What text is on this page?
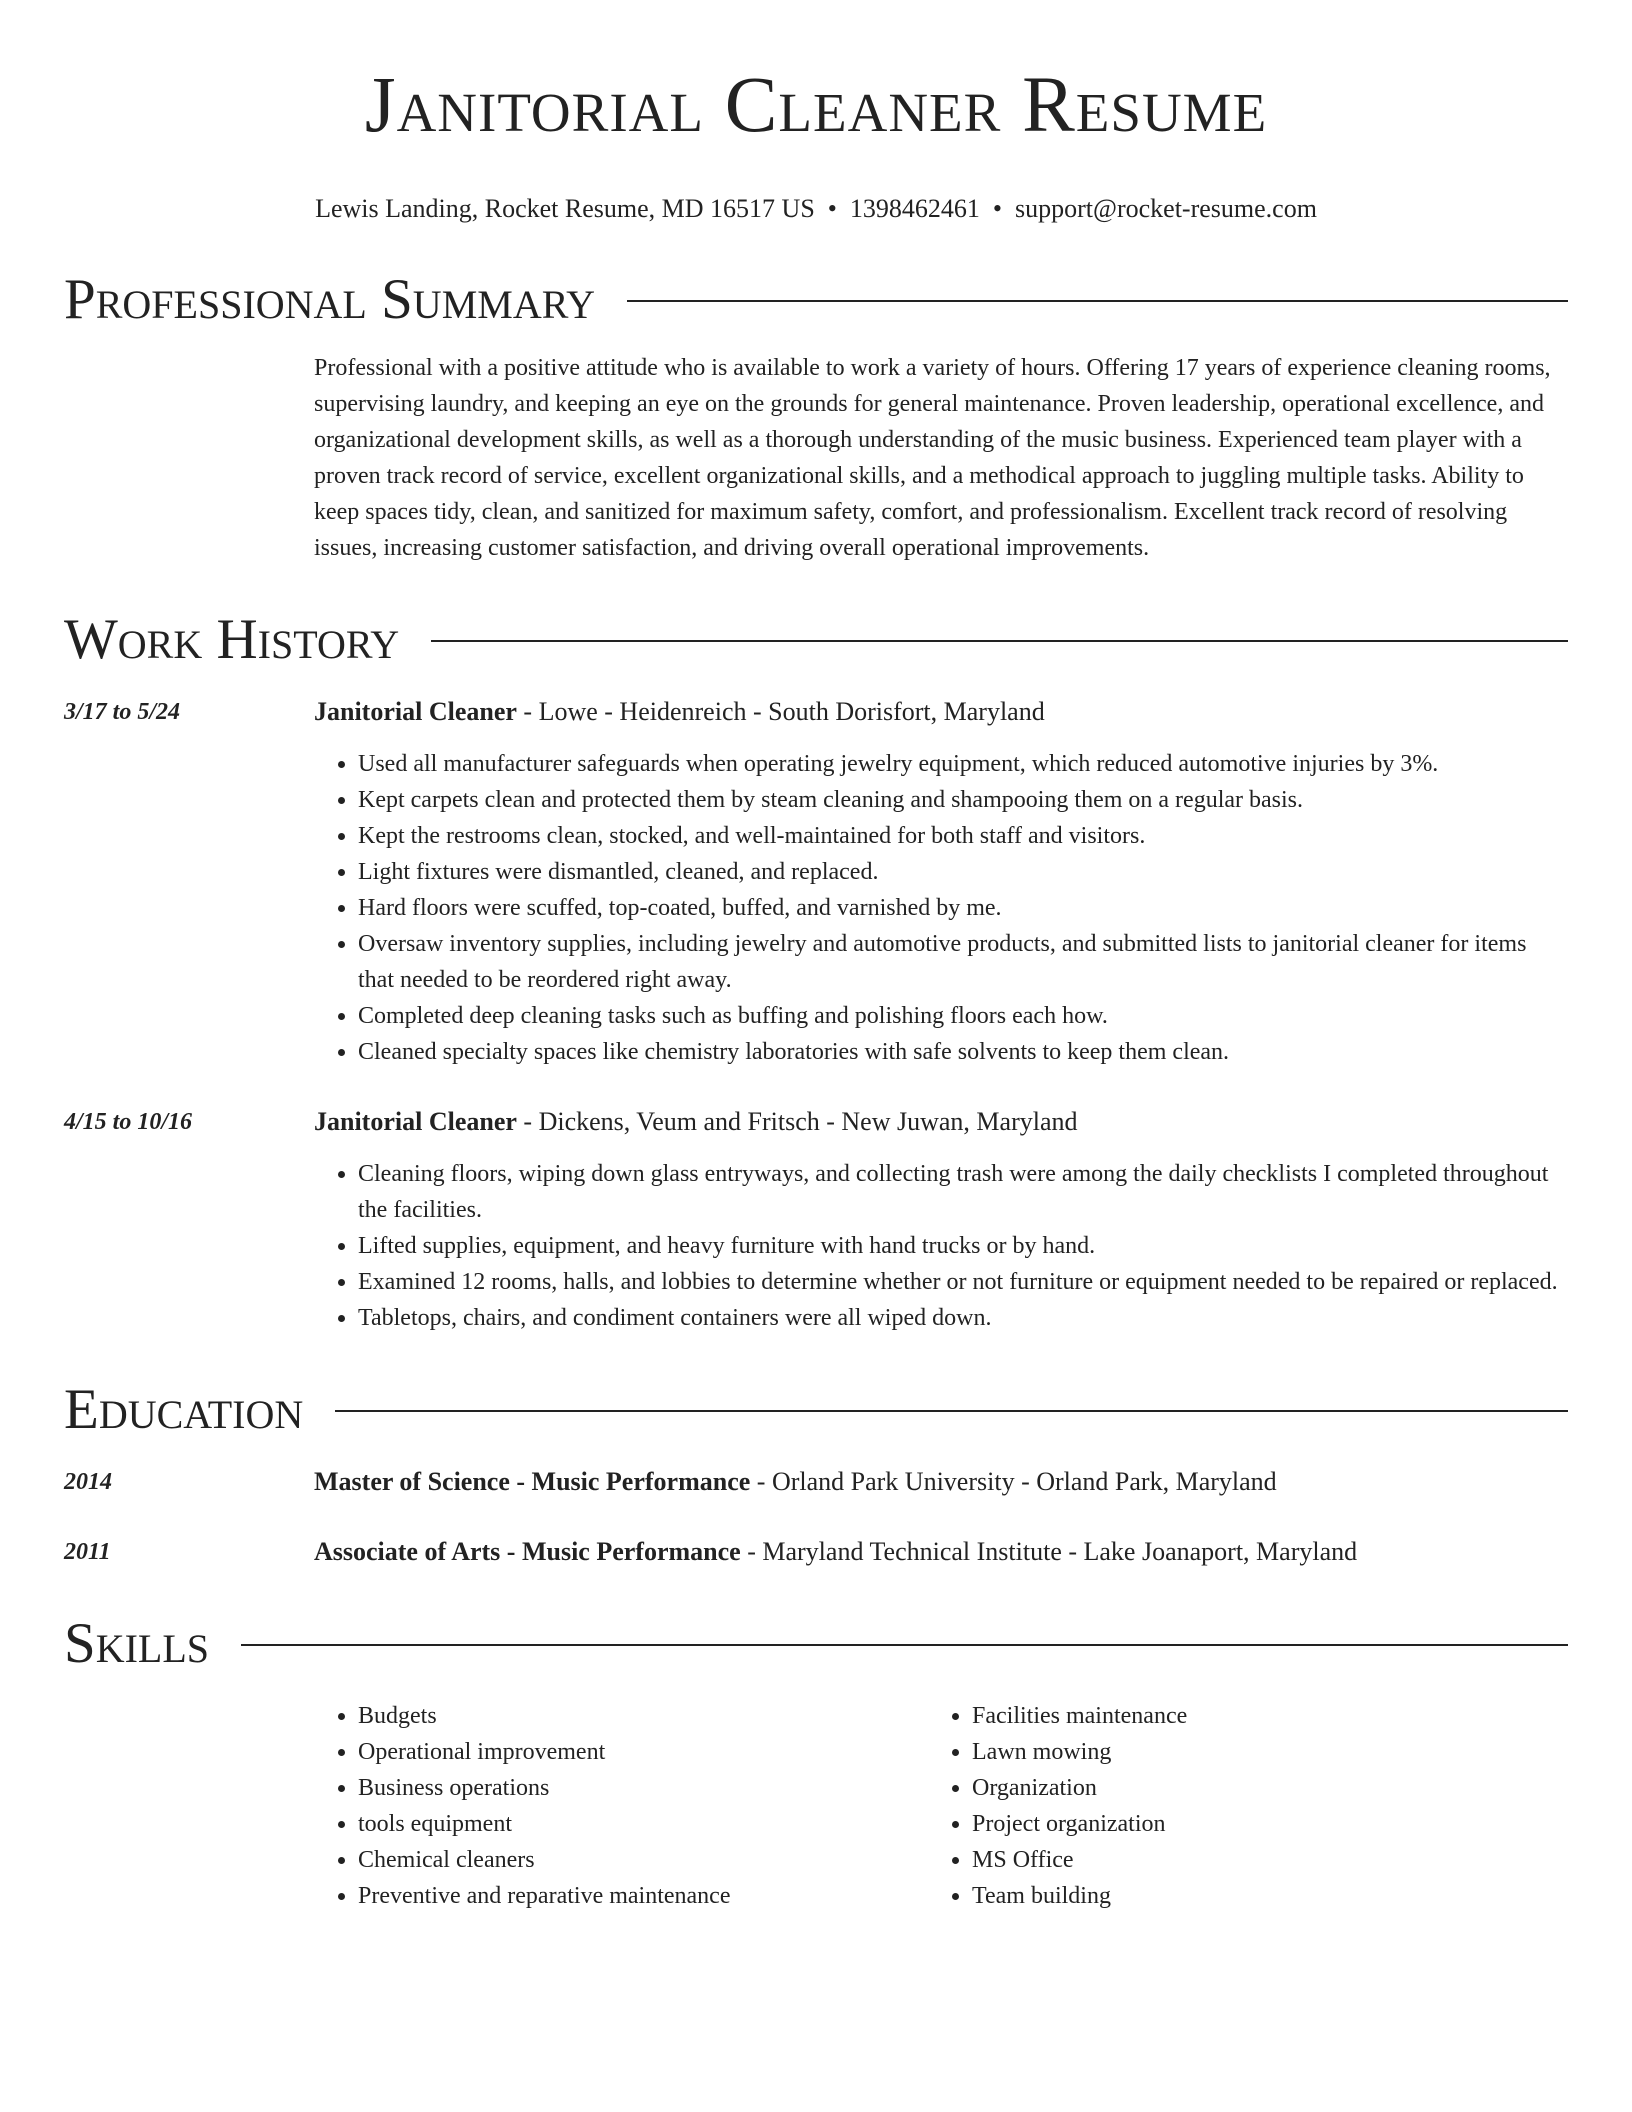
Janitorial Cleaner Resume
Lewis Landing, Rocket Resume, MD 16517 US • 1398462461 • support@rocket-resume.com
Professional Summary
Professional with a positive attitude who is available to work a variety of hours. Offering 17 years of experience cleaning rooms, supervising laundry, and keeping an eye on the grounds for general maintenance. Proven leadership, operational excellence, and organizational development skills, as well as a thorough understanding of the music business. Experienced team player with a proven track record of service, excellent organizational skills, and a methodical approach to juggling multiple tasks. Ability to keep spaces tidy, clean, and sanitized for maximum safety, comfort, and professionalism. Excellent track record of resolving issues, increasing customer satisfaction, and driving overall operational improvements.
Work History
3/17 to 5/24	Janitorial Cleaner - Lowe - Heidenreich - South Dorisfort, Maryland
• Used all manufacturer safeguards when operating jewelry equipment, which reduced automotive injuries by 3%.
• Kept carpets clean and protected them by steam cleaning and shampooing them on a regular basis.
• Kept the restrooms clean, stocked, and well-maintained for both staff and visitors.
• Light fixtures were dismantled, cleaned, and replaced.
• Hard floors were scuffed, top-coated, buffed, and varnished by me.
• Oversaw inventory supplies, including jewelry and automotive products, and submitted lists to janitorial cleaner for items that needed to be reordered right away.
• Completed deep cleaning tasks such as buffing and polishing floors each how.
• Cleaned specialty spaces like chemistry laboratories with safe solvents to keep them clean.
4/15 to 10/16	Janitorial Cleaner - Dickens, Veum and Fritsch - New Juwan, Maryland
• Cleaning floors, wiping down glass entryways, and collecting trash were among the daily checklists I completed throughout the facilities.
• Lifted supplies, equipment, and heavy furniture with hand trucks or by hand.
• Examined 12 rooms, halls, and lobbies to determine whether or not furniture or equipment needed to be repaired or replaced.
• Tabletops, chairs, and condiment containers were all wiped down.
Education
2014	Master of Science - Music Performance - Orland Park University - Orland Park, Maryland
2011	Associate of Arts - Music Performance - Maryland Technical Institute - Lake Joanaport, Maryland
Skills
• Budgets
• Operational improvement
• Business operations
• tools equipment
• Chemical cleaners
• Preventive and reparative maintenance
• Facilities maintenance
• Lawn mowing
• Organization
• Project organization
• MS Office
• Team building
